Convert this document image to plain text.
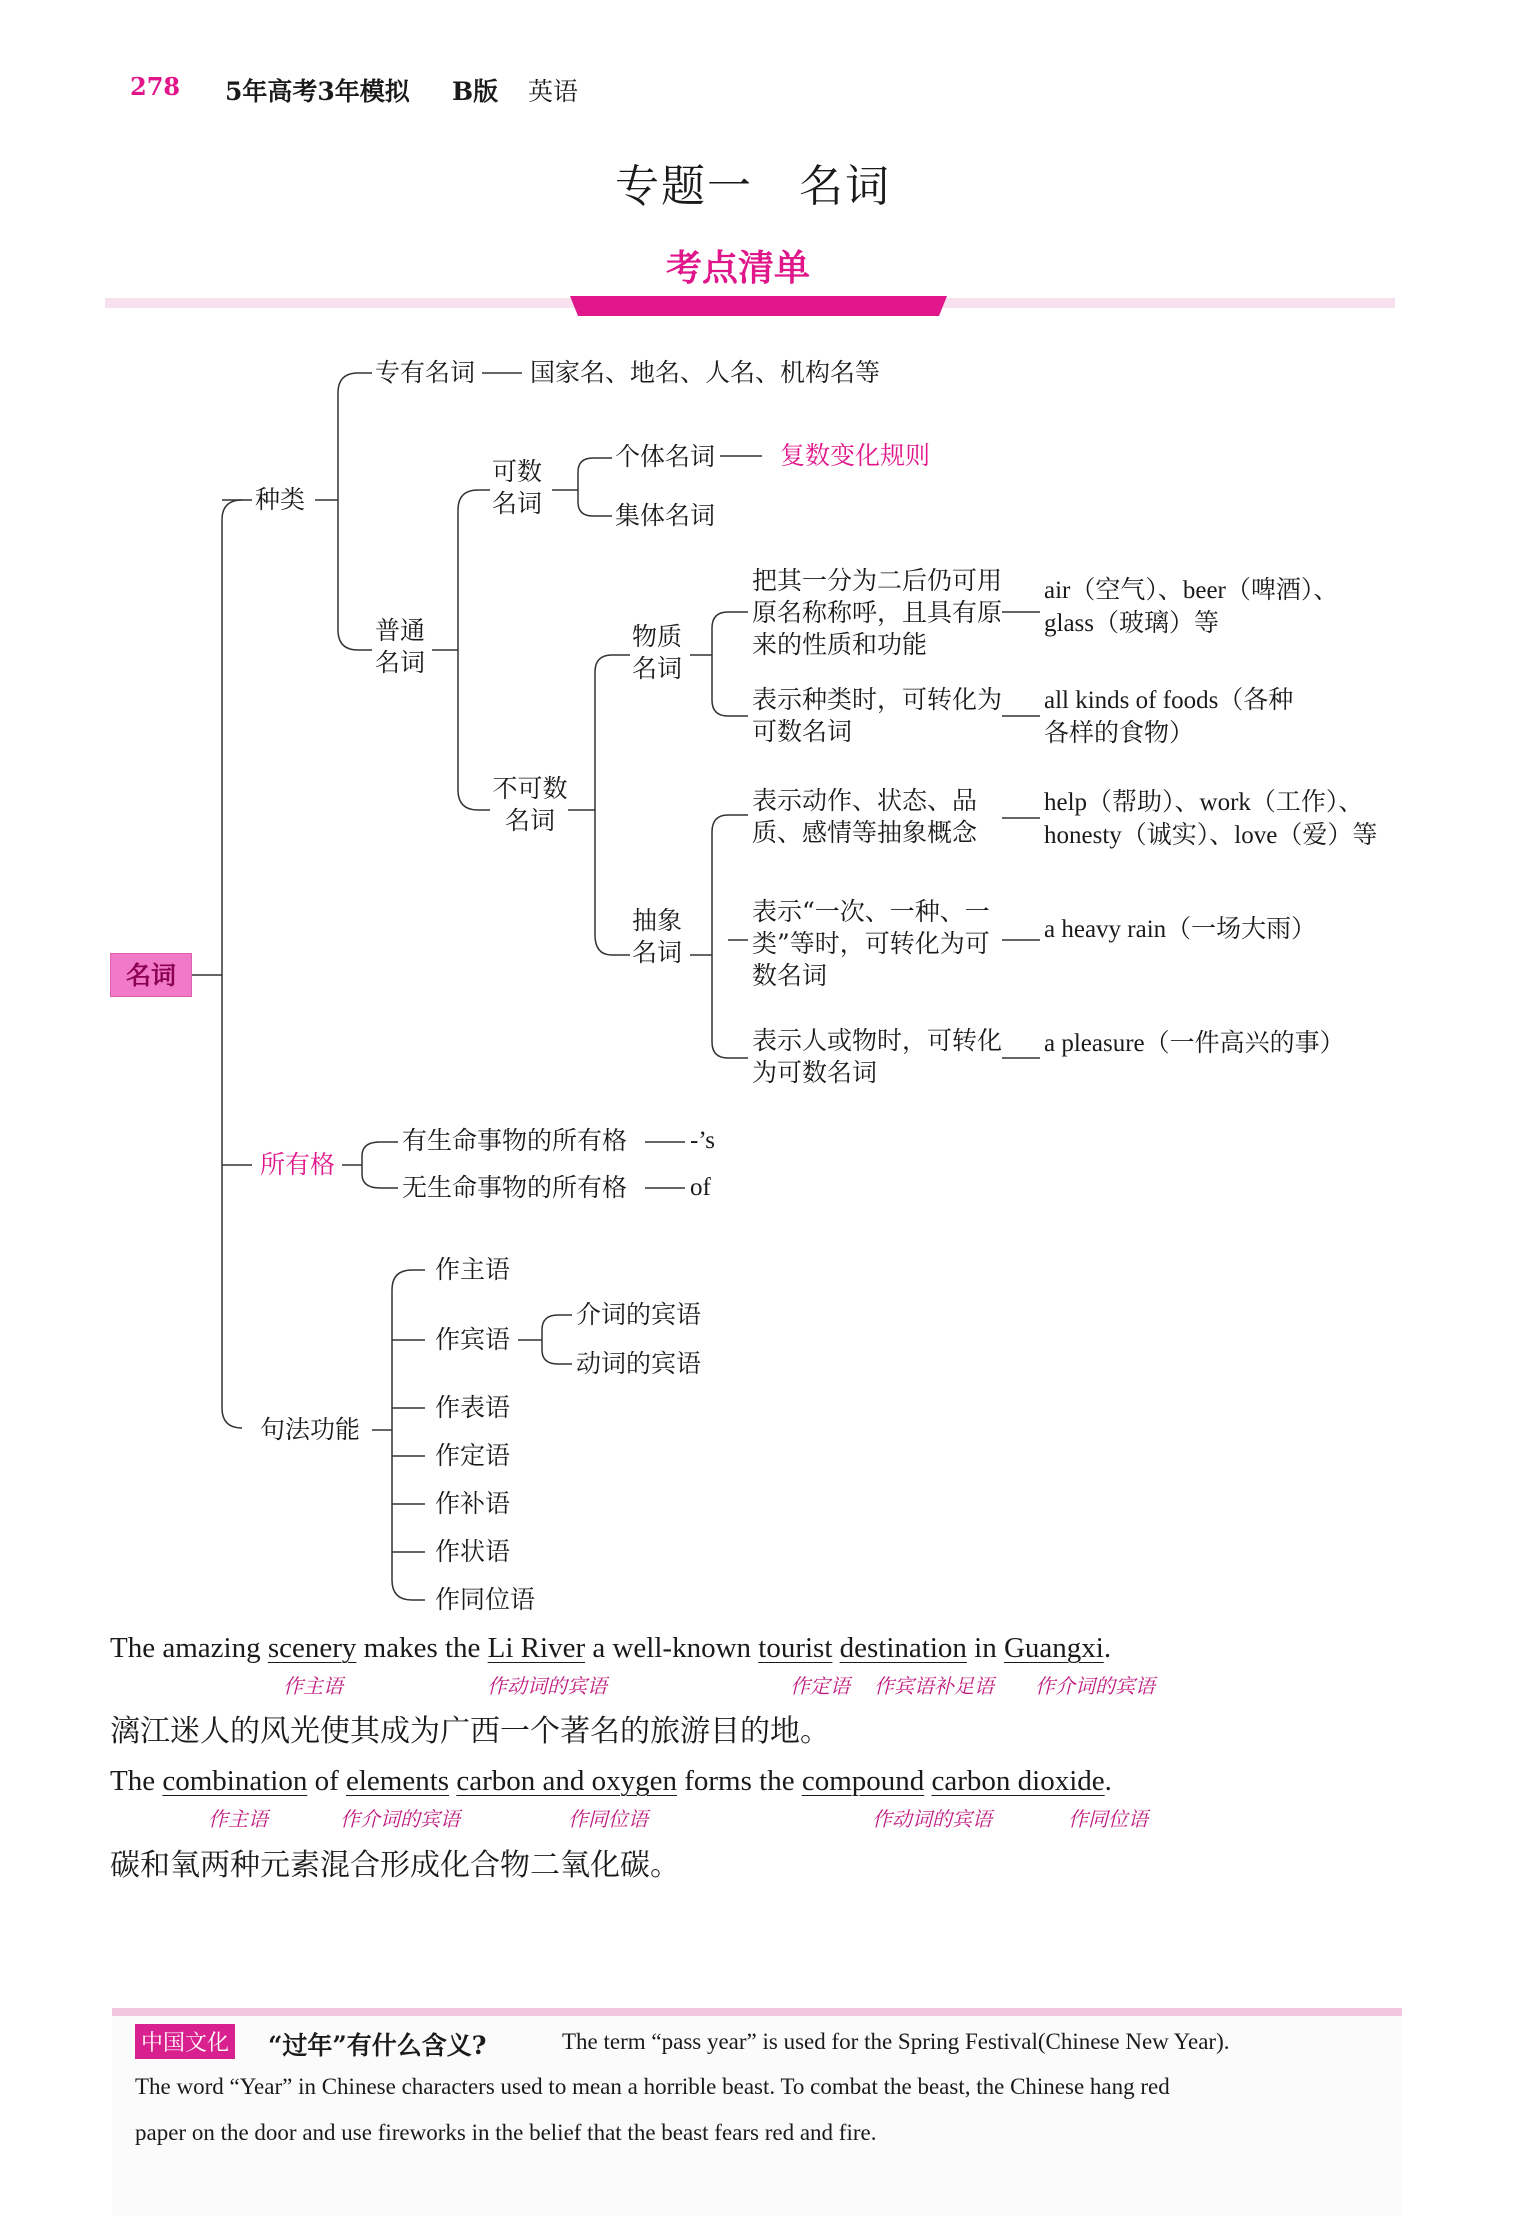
278 5年高考3年模拟 B版 英语
专题一　名词
考点清单
名词
种类
专有名词 国家名、地名、人名、机构名等
普通名词
可数名词
个体名词	复数变化规则
集体名词
不可数名词
物质名词
把其一分为二后仍可用原名称称呼，且具有原来的性质和功能
air（空气）、beer（啤酒）、glass（玻璃）等
表示种类时，可转化为可数名词
all kinds of foods（各种各样的食物）
抽象名词
表示动作、状态、品质、感情等抽象概念
help（帮助）、work（工作）、honesty（诚实）、love（爱）等
表示“一次、一种、一类”等时，可转化为可数名词
a heavy rain（一场大雨）
表示人或物时，可转化为可数名词
a pleasure（一件高兴的事）
所有格
有生命事物的所有格	-’s
无生命事物的所有格	of
句法功能
作主语
作宾语
介词的宾语
动词的宾语
作表语
作定语
作补语
作状语
作同位语
The amazing scenery makes the Li River a well-known tourist destination in Guangxi.
作主语	作动词的宾语	作定语 作宾语补足语 作介词的宾语
漓江迷人的风光使其成为广西一个著名的旅游目的地。
The combination of elements carbon and oxygen forms the compound carbon dioxide.
作主语	作介词的宾语	作同位语	作动词的宾语	作同位语
碳和氧两种元素混合形成化合物二氧化碳。
中国文化 “过年”有什么含义?	The term “pass year” is used for the Spring Festival(Chinese New Year).
The word “Year” in Chinese characters used to mean a horrible beast. To combat the beast, the Chinese hang red
paper on the door and use fireworks in the belief that the beast fears red and fire.
